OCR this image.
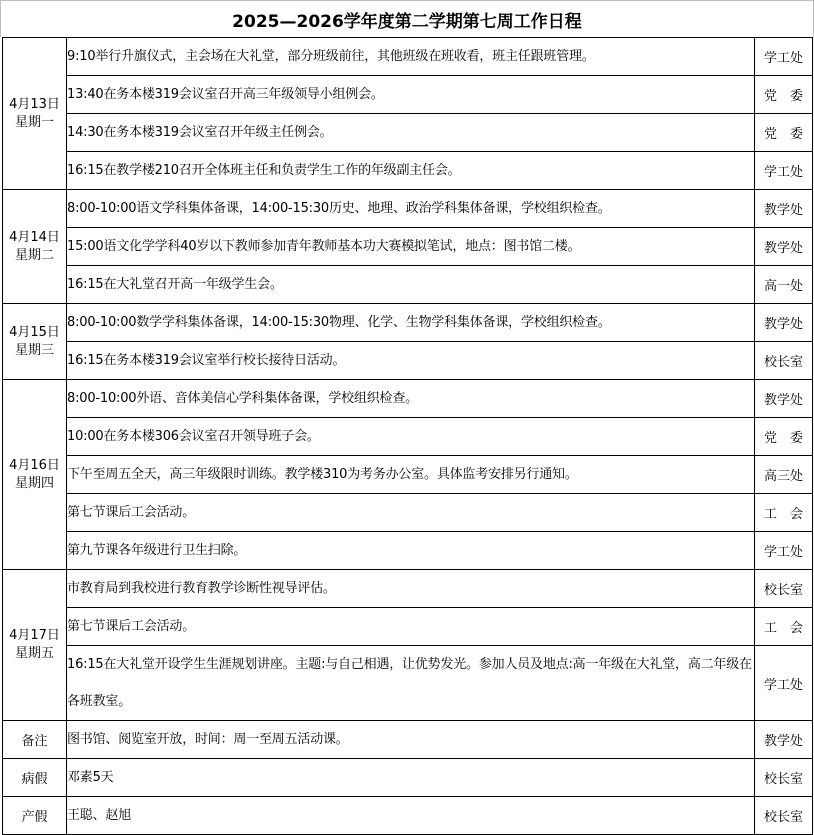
2025—2026学年度第二学期第七周工作日程
4月13日
星期一	9:10举行升旗仪式，主会场在大礼堂，部分班级前往，其他班级在班收看，班主任跟班管理。	学工处
	13:40在务本楼319会议室召开高三年级领导小组例会。	党　委
	14:30在务本楼319会议室召开年级主任例会。	党　委
	16:15在教学楼210召开全体班主任和负责学生工作的年级副主任会。	学工处

4月14日
星期二	8:00-10:00语文学科集体备课，14:00-15:30历史、地理、政治学科集体备课，学校组织检查。	教学处
	15:00语文化学学科40岁以下教师参加青年教师基本功大赛模拟笔试，地点：图书馆二楼。	教学处
	16:15在大礼堂召开高一年级学生会。	高一处

4月15日
星期三	8:00-10:00数学学科集体备课，14:00-15:30物理、化学、生物学科集体备课，学校组织检查。	教学处
	16:15在务本楼319会议室举行校长接待日活动。	校长室

4月16日
星期四	8:00-10:00外语、音体美信心学科集体备课，学校组织检查。	教学处
	10:00在务本楼306会议室召开领导班子会。	党　委
	下午至周五全天，高三年级限时训练。教学楼310为考务办公室。具体监考安排另行通知。	高三处
	第七节课后工会活动。	工　会
	第九节课各年级进行卫生扫除。	学工处

4月17日
星期五	市教育局到我校进行教育教学诊断性视导评估。	校长室
	第七节课后工会活动。	工　会
	16:15在大礼堂开设学生生涯规划讲座。主题:与自己相遇，让优势发光。参加人员及地点:高一年级在大礼堂，高二年级在各班教室。	学工处
备注	图书馆、阅览室开放，时间：周一至周五活动课。	教学处
病假	邓素5天	校长室
产假	王聪、赵旭	校长室
